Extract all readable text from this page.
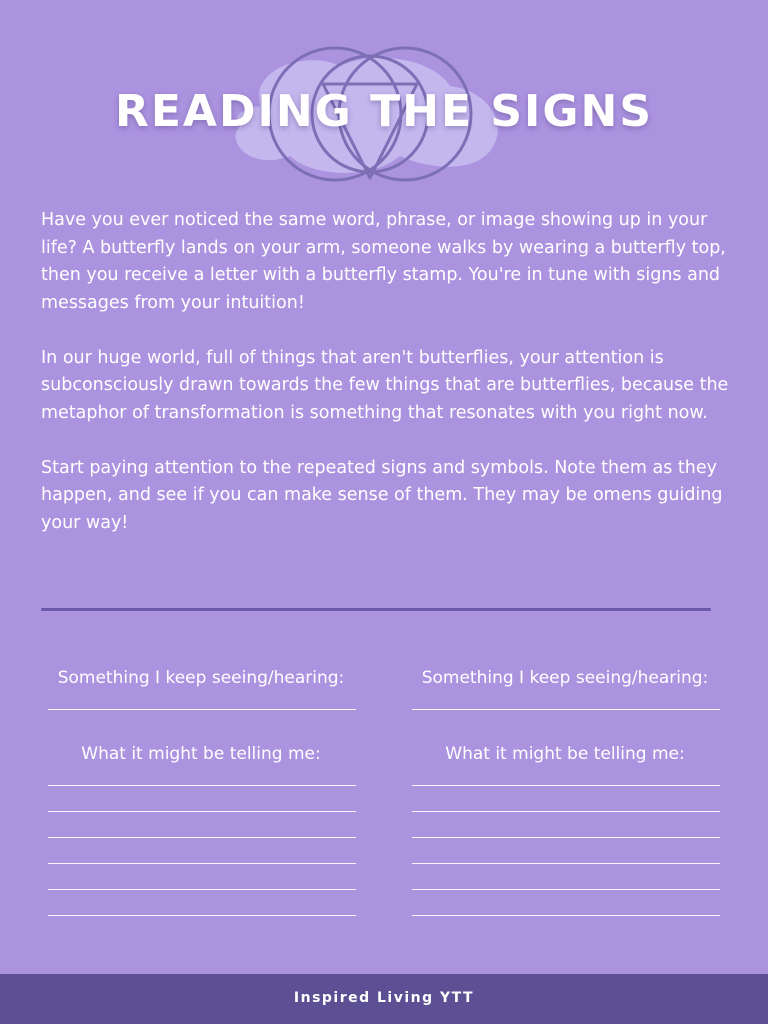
READING THE SIGNS

Have you ever noticed the same word, phrase, or image showing up in your life? A butterfly lands on your arm, someone walks by wearing a butterfly top, then you receive a letter with a butterfly stamp. You're in tune with signs and messages from your intuition!

In our huge world, full of things that aren't butterflies, your attention is subconsciously drawn towards the few things that are butterflies, because the metaphor of transformation is something that resonates with you right now.

Start paying attention to the repeated signs and symbols. Note them as they happen, and see if you can make sense of them. They may be omens guiding your way!

Something I keep seeing/hearing:

What it might be telling me:

Something I keep seeing/hearing:

What it might be telling me:

Inspired Living YTT
